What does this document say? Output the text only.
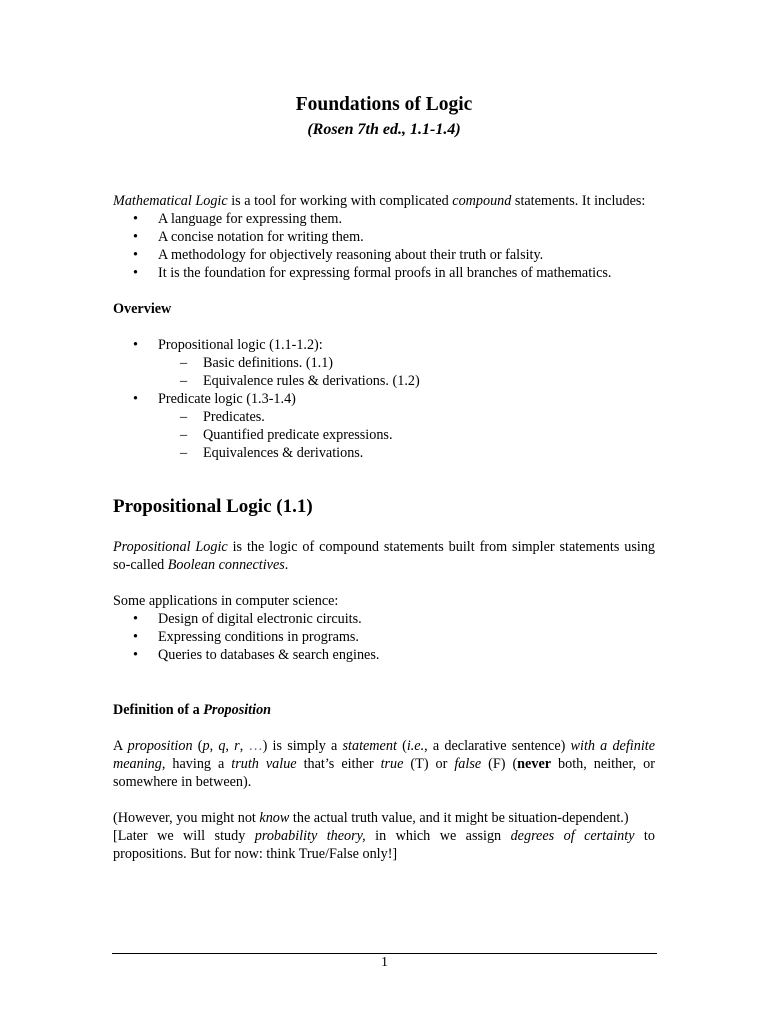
Foundations of Logic

(Rosen 7th ed., 1.1-1.4)

Mathematical Logic is a tool for working with complicated compound statements. It includes:

• A language for expressing them.
• A concise notation for writing them.
• A methodology for objectively reasoning about their truth or falsity.
• It is the foundation for expressing formal proofs in all branches of mathematics.

Overview

• Propositional logic (1.1-1.2):
– Basic definitions. (1.1)
– Equivalence rules & derivations. (1.2)
• Predicate logic (1.3-1.4)
– Predicates.
– Quantified predicate expressions.
– Equivalences & derivations.

Propositional Logic (1.1)

Propositional Logic is the logic of compound statements built from simpler statements using so-called Boolean connectives.

Some applications in computer science:

• Design of digital electronic circuits.
• Expressing conditions in programs.
• Queries to databases & search engines.

Definition of a Proposition

A proposition (p, q, r, …) is simply a statement (i.e., a declarative sentence) with a definite meaning, having a truth value that’s either true (T) or false (F) (never both, neither, or somewhere in between).

(However, you might not know the actual truth value, and it might be situation-dependent.)

[Later we will study probability theory, in which we assign degrees of certainty to propositions. But for now: think True/False only!]

1
